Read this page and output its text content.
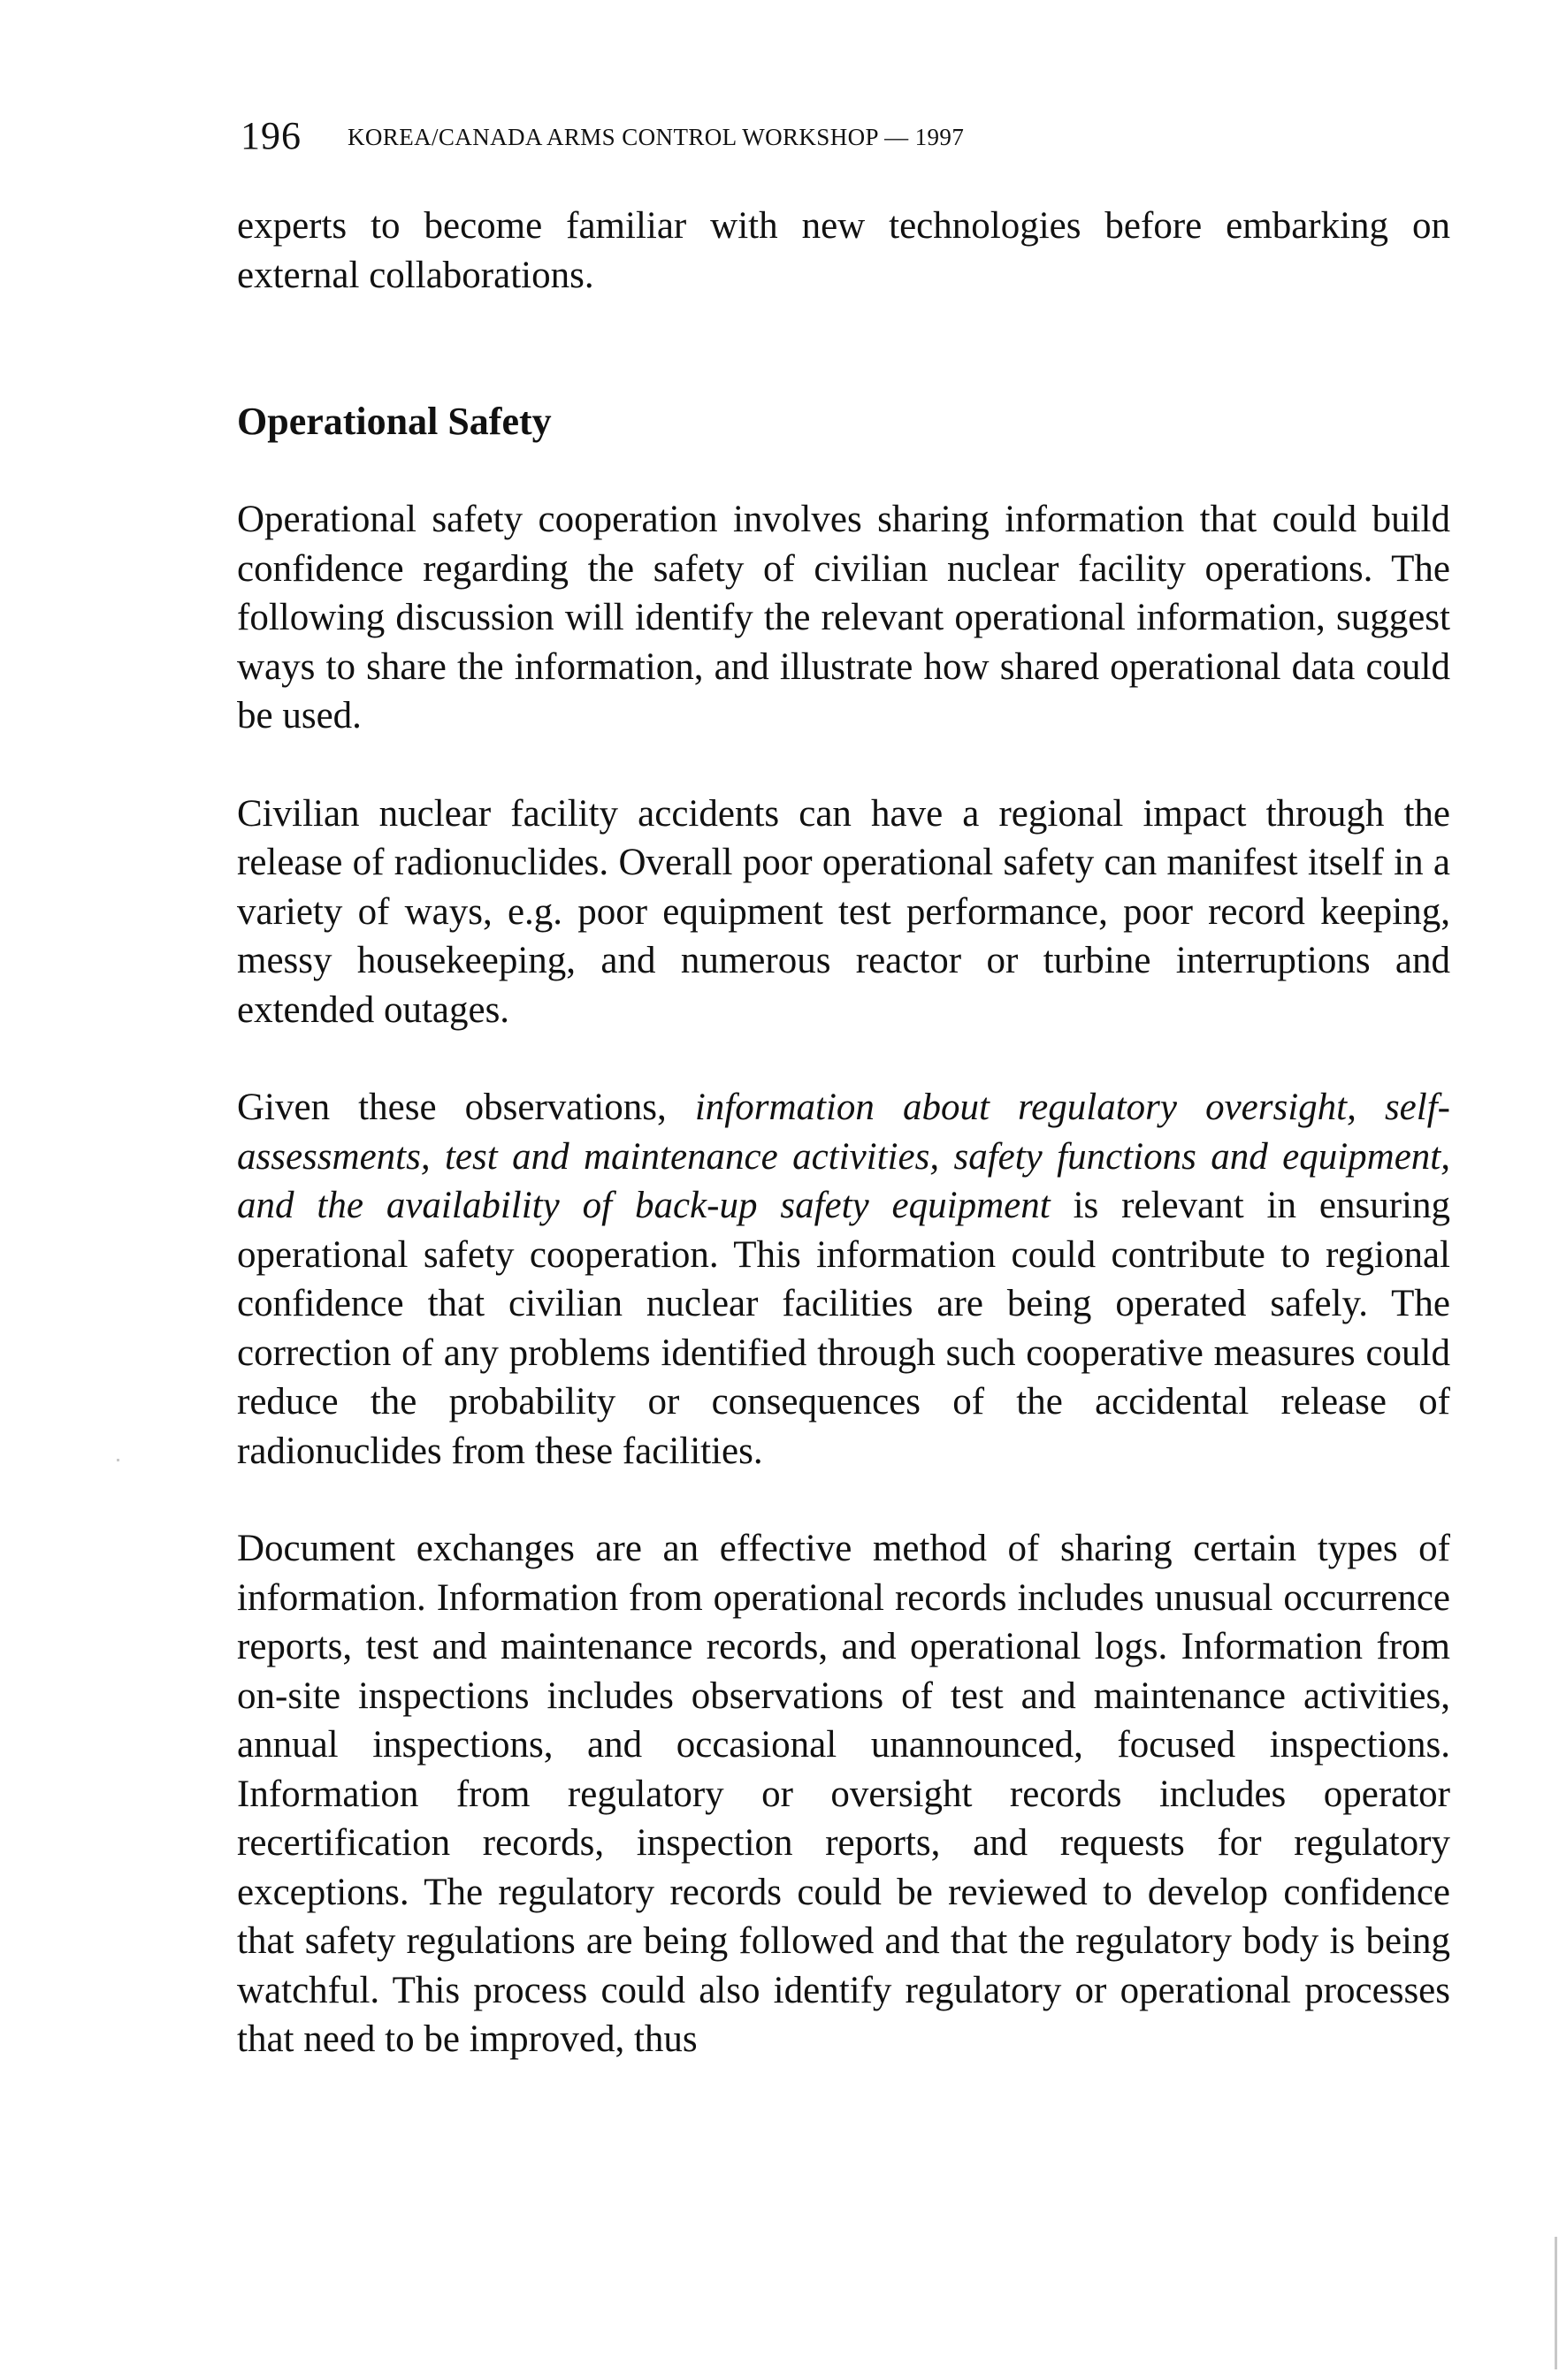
196 KOREA/CANADA ARMS CONTROL WORKSHOP — 1997

experts to become familiar with new technologies before embarking on external collaborations.

Operational Safety

Operational safety cooperation involves sharing information that could build confidence regarding the safety of civilian nuclear facility operations. The following discussion will identify the relevant operational information, suggest ways to share the information, and illustrate how shared operational data could be used.

Civilian nuclear facility accidents can have a regional impact through the release of radionuclides. Overall poor operational safety can manifest itself in a variety of ways, e.g. poor equipment test performance, poor record keeping, messy housekeeping, and numerous reactor or turbine interruptions and extended outages.

Given these observations, information about regulatory oversight, self-assessments, test and maintenance activities, safety functions and equipment, and the availability of back-up safety equipment is relevant in ensuring operational safety cooperation. This information could contribute to regional confidence that civilian nuclear facilities are being operated safely. The correction of any problems identified through such cooperative measures could reduce the probability or consequences of the accidental release of radionuclides from these facilities.

Document exchanges are an effective method of sharing certain types of information. Information from operational records includes unusual occurrence reports, test and maintenance records, and operational logs. Information from on-site inspections includes observations of test and maintenance activities, annual inspections, and occasional unannounced, focused inspections. Information from regulatory or oversight records includes operator recertification records, inspection reports, and requests for regulatory exceptions. The regulatory records could be reviewed to develop confidence that safety regulations are being followed and that the regulatory body is being watchful. This process could also identify regulatory or operational processes that need to be improved, thus
